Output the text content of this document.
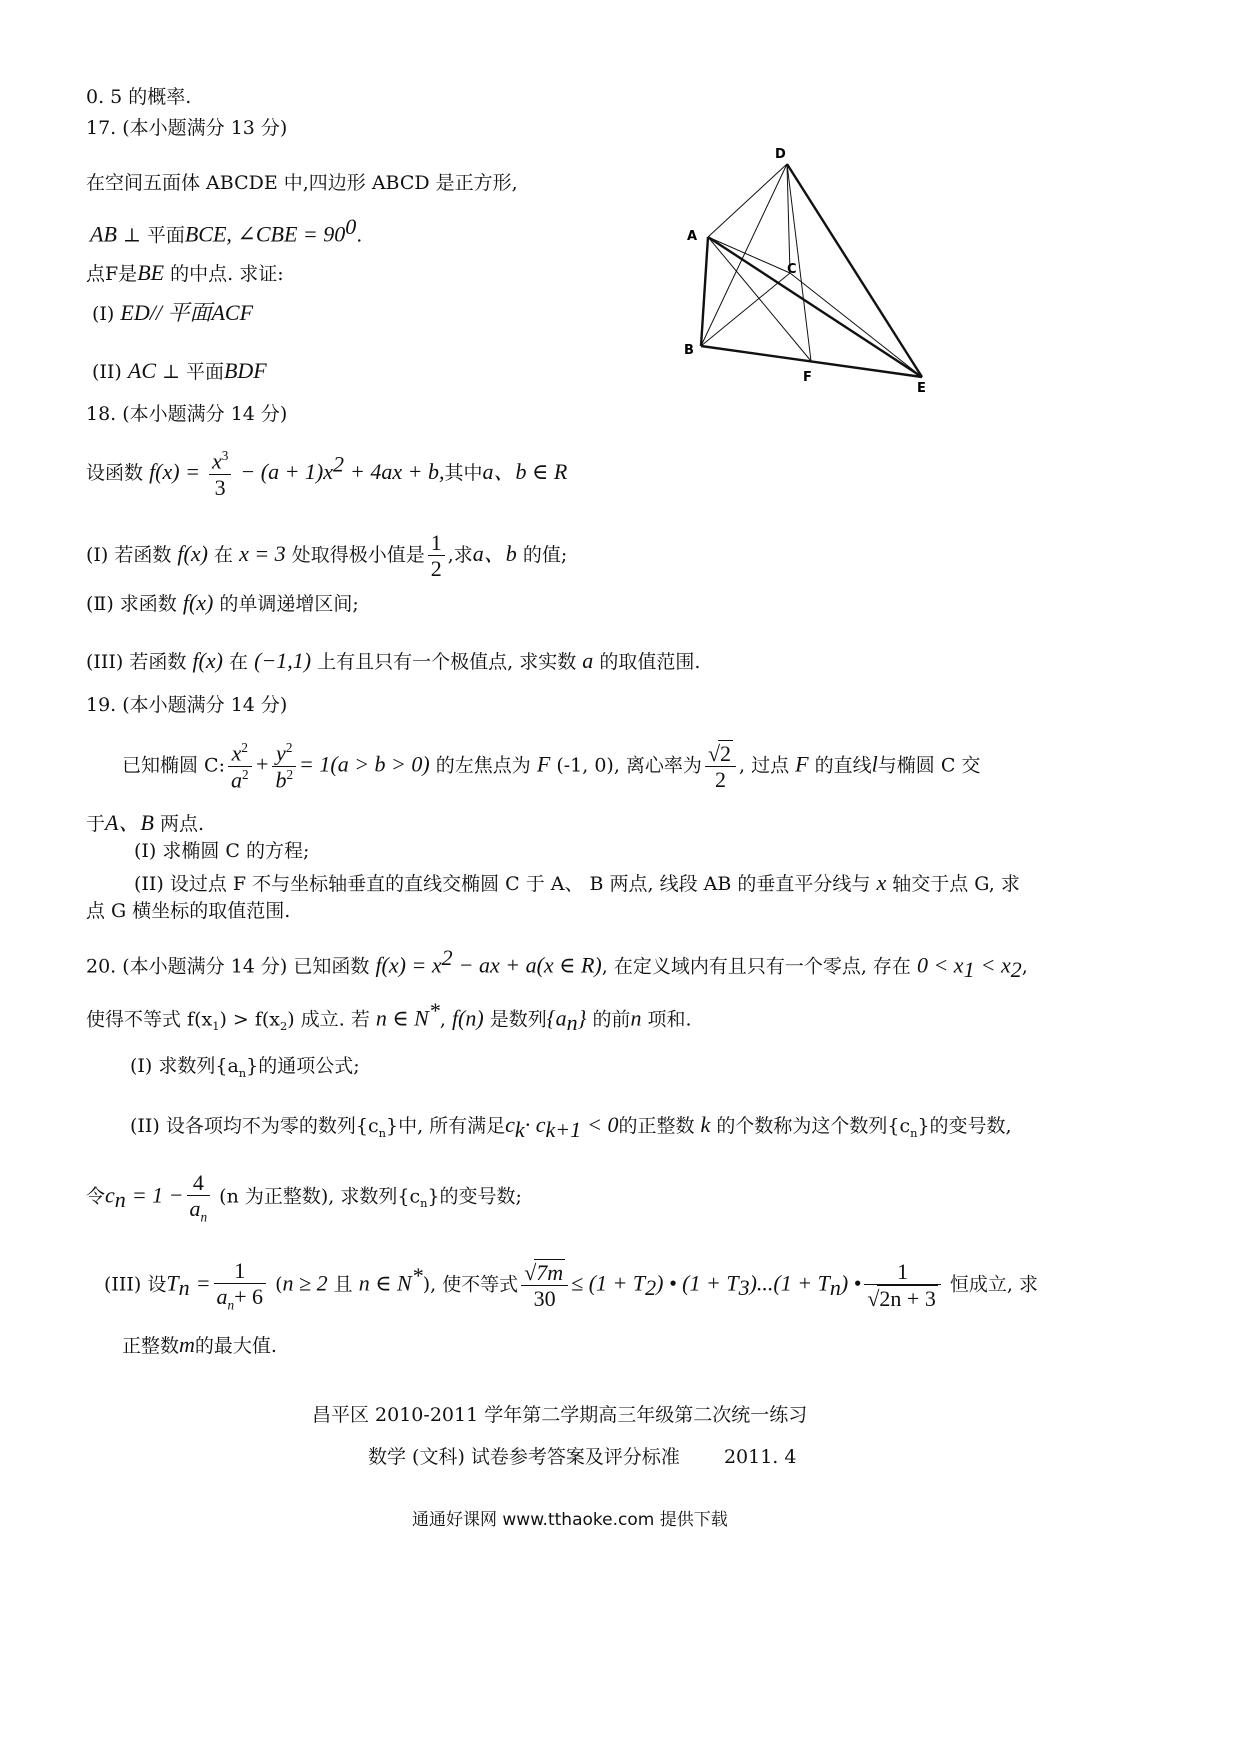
0. 5 的概率.
17. (本小题满分 13 分)
在空间五面体 ABCDE 中,四边形 ABCD 是正方形,
AB ⊥ 平面BCE, ∠CBE = $90^0$.
点F是BE 的中点. 求证:
(I) ED// 平面ACF
(II) AC ⊥ 平面BDF
D
A
C
B
F
E
18. (本小题满分 14 分)
设函数 $f(x) = \frac{x^3}{3} - (a + 1)x^2 + 4ax + b$,其中a、b ∈ R
(Ⅰ) 若函数 f(x) 在 x = 3 处取得极小值是 $\frac{1}{2}$ ,求a、b 的值;
(Ⅱ) 求函数 f(x) 的单调递增区间;
(III) 若函数 f(x) 在 (−1,1) 上有且只有一个极值点, 求实数 a 的取值范围.
19. (本小题满分 14 分)
已知椭圆 C: $\frac{x^2}{a^2} + \frac{y^2}{b^2} = 1(a > b > 0)$ 的左焦点为 F (-1, 0), 离心率为 $\frac{√2}{2}$ , 过点 F 的直线l与椭圆 C 交
于A、B 两点.
(Ⅰ) 求椭圆 C 的方程;
(II) 设过点 F 不与坐标轴垂直的直线交椭圆 C 于 A、 B 两点, 线段 AB 的垂直平分线与 x 轴交于点 G, 求
点 G 横坐标的取值范围.
20. (本小题满分 14 分) 已知函数 $f(x) = x^2$ − ax + a(x ∈ R), 在定义域内有且只有一个零点, 存在 $0 < x_1 < x_2$,
使得不等式 $f(x_1) > f(x_2)$ 成立. 若 n ∈ N*, f(n) 是数列$\{a_n\}$ 的前n 项和.
(I) 求数列$\{a_n\}$的通项公式;
(II) 设各项均不为零的数列$\{c_n\}$中, 所有满足$c_k\cdot c_{k+1} < 0$的正整数 k 的个数称为这个数列$\{c_n\}$的变号数,
令$c_n = 1 - \frac{4}{a_n} (n$ 为正整数), 求数列$\{c_n\}$的变号数;
(III) 设$T_n = \frac{1}{a_n+ 6} (n \ge 2$ 且 n ∈ N*), 使不等式 $\frac{√7m}{30} \le (1 + T_2)$ • $(1 + T_3)...(1 + T_n)$ • $\frac{1}{√2n + 3}$ 恒成立, 求
正整数m的最大值.
昌平区 2010-2011 学年第二学期高三年级第二次统一练习
数学 (文科) 试卷参考答案及评分标准 2011. 4
通通好课网 www.tthaoke.com 提供下载
